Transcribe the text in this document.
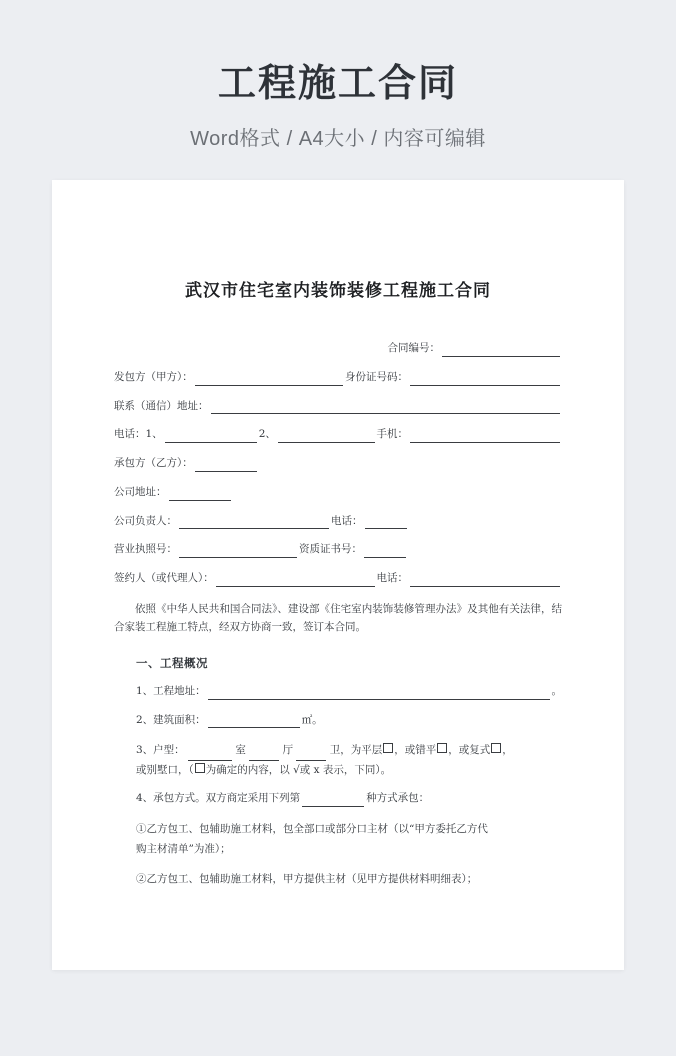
工程施工合同
Word格式 / A4大小 / 内容可编辑
武汉市住宅室内装饰装修工程施工合同
合同编号：
发包方（甲方）：	身份证号码：
联系（通信）地址：
电话：1、	2、	手机：
承包方（乙方）：
公司地址：
公司负责人：	电话：
营业执照号：	资质证书号：
签约人（或代理人）：	电话：
依照《中华人民共和国合同法》、建设部《住宅室内装饰装修管理办法》及其他有关法律，结合家装工程施工特点，经双方协商一致，签订本合同。
一、工程概况
1、工程地址：	。
2、建筑面积：	㎡。
3、户型：	室	厅	卫，为平层 ，或错平 ，或复式 ，
或别墅口，（ 为确定的内容，以 √或 x 表示，下同）。
4、承包方式。双方商定采用下列第	种方式承包：
①乙方包工、包辅助施工材料，包全部口或部分口主材（以“甲方委托乙方代
购主材清单”为准）；
②乙方包工、包辅助施工材料，甲方提供主材（见甲方提供材料明细表）；
